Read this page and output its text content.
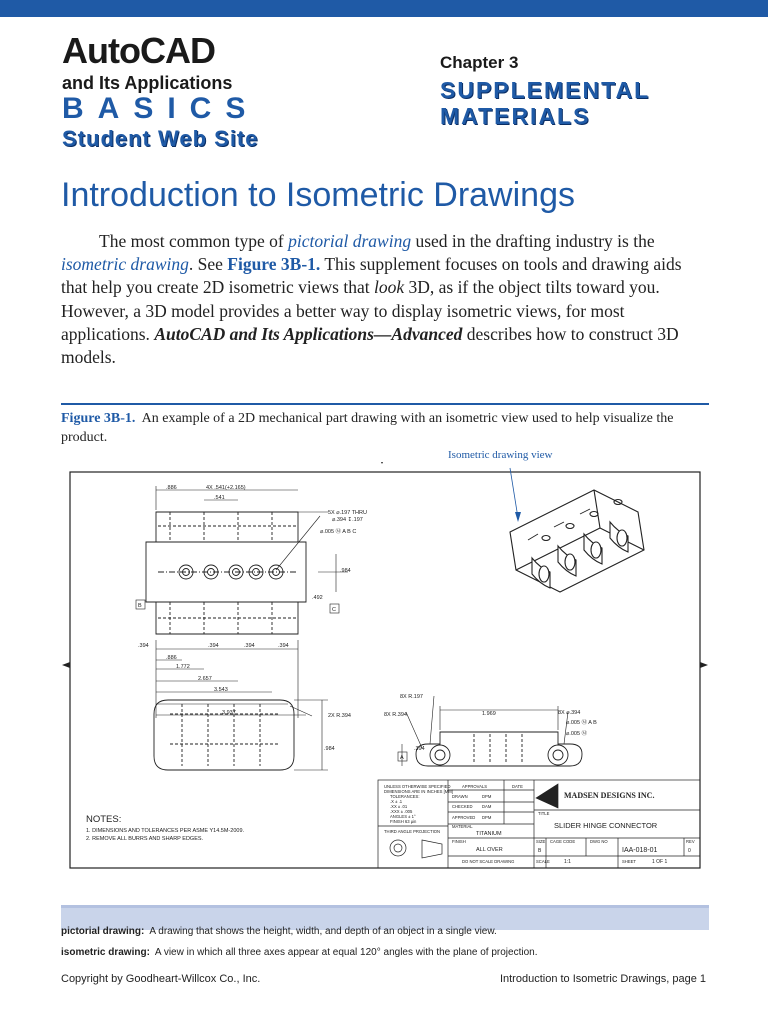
AutoCAD
and Its Applications
BASICS
Student Web Site
Chapter 3
SUPPLEMENTAL
MATERIALS
Introduction to Isometric Drawings
The most common type of pictorial drawing used in the drafting industry is the isometric drawing. See Figure 3B-1. This supplement focuses on tools and drawing aids that help you create 2D isometric views that look 3D, as if the object tilts toward you. However, a 3D model provides a better way to display isometric views, for most applications. AutoCAD and Its Applications—Advanced describes how to construct 3D models.
Figure 3B-1. An example of a 2D mechanical part drawing with an isometric view used to help visualize the product.
Isometric drawing view
.886	4X .541(+2.165)
.541
5X ⌀.197 THRU
⌀.394 ↧.197
⌀.005 Ⓜ A B C
.984
.492
B
C
.394	.394	.394	.394
.886
1.772
2.657
3.543
3.937	2X R.394
.984
8X R.197
8X R.394	1.969	8X ⌀.394
⌀.005 Ⓜ A B
⌀.005 Ⓜ
.394
A
NOTES:
1. DIMENSIONS AND TOLERANCES PER ASME Y14.5M-2009.
2. REMOVE ALL BURRS AND SHARP EDGES.
UNLESS OTHERWISE SPECIFIED
DIMENSIONS ARE IN INCHES [MM]
TOLERANCES:
.X ± .1
.XX ± .01
.XXX ± .005
ANGLES ± 1°
FINISH 63 μin
THIRD ANGLE PROJECTION
APPROVALS	DATE
DRAWN	DPM
CHECKED DAM
APPROVED DPM
MATERIAL
TITANIUM
FINISH
ALL OVER
DO NOT SCALE DRAWING
MADSEN DESIGNS INC.
TITLE
SLIDER HINGE CONNECTOR
SIZE
B
CAGE CODE	DWG NO
IAA-018-01
REV
0
SCALE	1:1	SHEET	1 OF 1
pictorial drawing: A drawing that shows the height, width, and depth of an object in a single view.
isometric drawing: A view in which all three axes appear at equal 120° angles with the plane of projection.
Copyright by Goodheart-Willcox Co., Inc.	Introduction to Isometric Drawings, page 1
